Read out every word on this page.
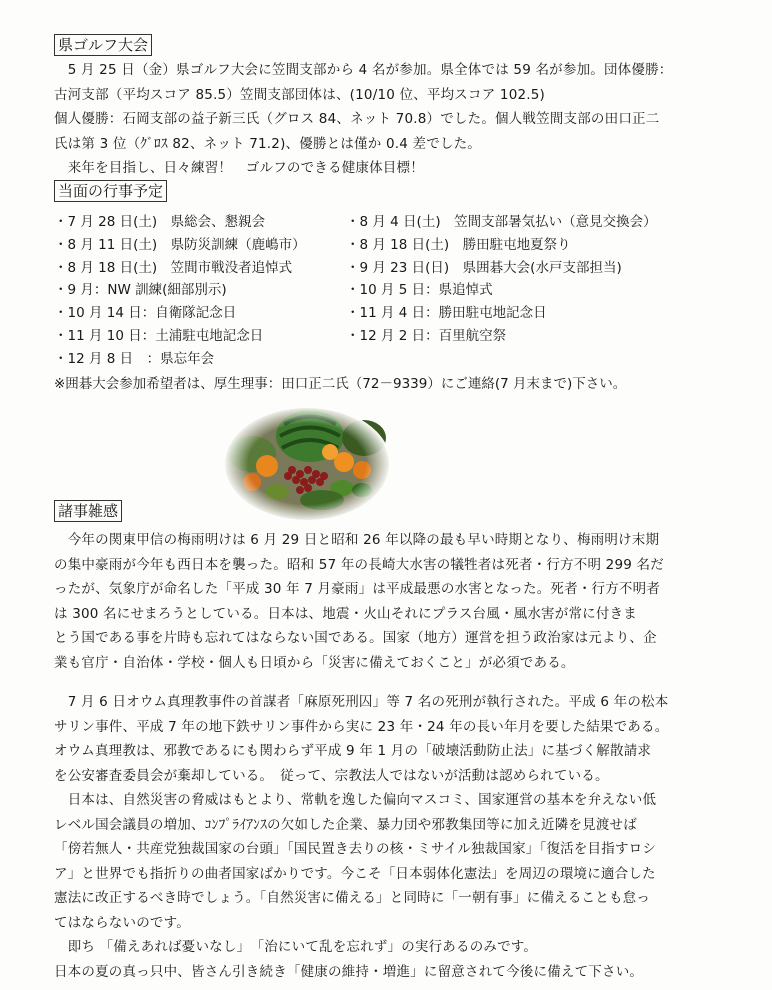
県ゴルフ大会

　5 月 25 日（金）県ゴルフ大会に笠間支部から 4 名が参加。県全体では 59 名が参加。団体優勝：

古河支部（平均スコア 85.5）笠間支部団体は、(10/10 位、平均スコア 102.5)

個人優勝：石岡支部の益子新三氏（グロス 84、ネット 70.8）でした。個人戦笠間支部の田口正二

氏は第 3 位（ｸﾞﾛｽ 82、ネット 71.2)、優勝とは僅か 0.4 差でした。

　来年を目指し、日々練習！　ゴルフのできる健康体目標！

当面の行事予定
・7 月 28 日(土)　県総会、懇親会	・8 月 4 日(土)　笠間支部暑気払い（意見交換会）
・8 月 11 日(土)　県防災訓練（鹿嶋市）	・8 月 18 日(土)　勝田駐屯地夏祭り
・8 月 18 日(土)　笠間市戦没者追悼式	・9 月 23 日(日)　県囲碁大会(水戸支部担当)
・9 月：NW 訓練(細部別示)	・10 月 5 日：県追悼式
・10 月 14 日：自衛隊記念日	・11 月 4 日：勝田駐屯地記念日
・11 月 10 日：土浦駐屯地記念日	・12 月 2 日：百里航空祭
・12 月 8 日　：県忘年会
※囲碁大会参加希望者は、厚生理事：田口正二氏（72－9339）にご連絡(7 月末まで)下さい。
諸事雑感

　今年の関東甲信の梅雨明けは 6 月 29 日と昭和 26 年以降の最も早い時期となり、梅雨明け末期

の集中豪雨が今年も西日本を襲った。昭和 57 年の長崎大水害の犠牲者は死者・行方不明 299 名だ

ったが、気象庁が命名した「平成 30 年 7 月豪雨」は平成最悪の水害となった。死者・行方不明者

は 300 名にせまろうとしている。日本は、地震・火山それにプラス台風・風水害が常に付きま

とう国である事を片時も忘れてはならない国である。国家（地方）運営を担う政治家は元より、企

業も官庁・自治体・学校・個人も日頃から「災害に備えておくこと」が必須である。

　7 月 6 日オウム真理教事件の首謀者「麻原死刑囚」等 7 名の死刑が執行された。平成 6 年の松本

サリン事件、平成 7 年の地下鉄サリン事件から実に 23 年・24 年の長い年月を要した結果である。

オウム真理教は、邪教であるにも関わらず平成 9 年 1 月の「破壊活動防止法」に基づく解散請求

を公安審査委員会が棄却している。　従って、宗教法人ではないが活動は認められている。

　日本は、自然災害の脅威はもとより、常軌を逸した偏向マスコミ、国家運営の基本を弁えない低

レベル国会議員の増加、ｺﾝﾌﾟﾗｲｱﾝｽの欠如した企業、暴力団や邪教集団等に加え近隣を見渡せば

「傍若無人・共産党独裁国家の台頭」「国民置き去りの核・ミサイル独裁国家」「復活を目指すロシ

ア」と世界でも指折りの曲者国家ばかりです。今こそ「日本弱体化憲法」を周辺の環境に適合した

憲法に改正するべき時でしょう。「自然災害に備える」と同時に「一朝有事」に備えることも怠っ

てはならないのです。

　即ち 「備えあれば憂いなし」　「治にいて乱を忘れず」の実行あるのみです。

日本の夏の真っ只中、皆さん引き続き「健康の維持・増進」に留意されて今後に備えて下さい。
